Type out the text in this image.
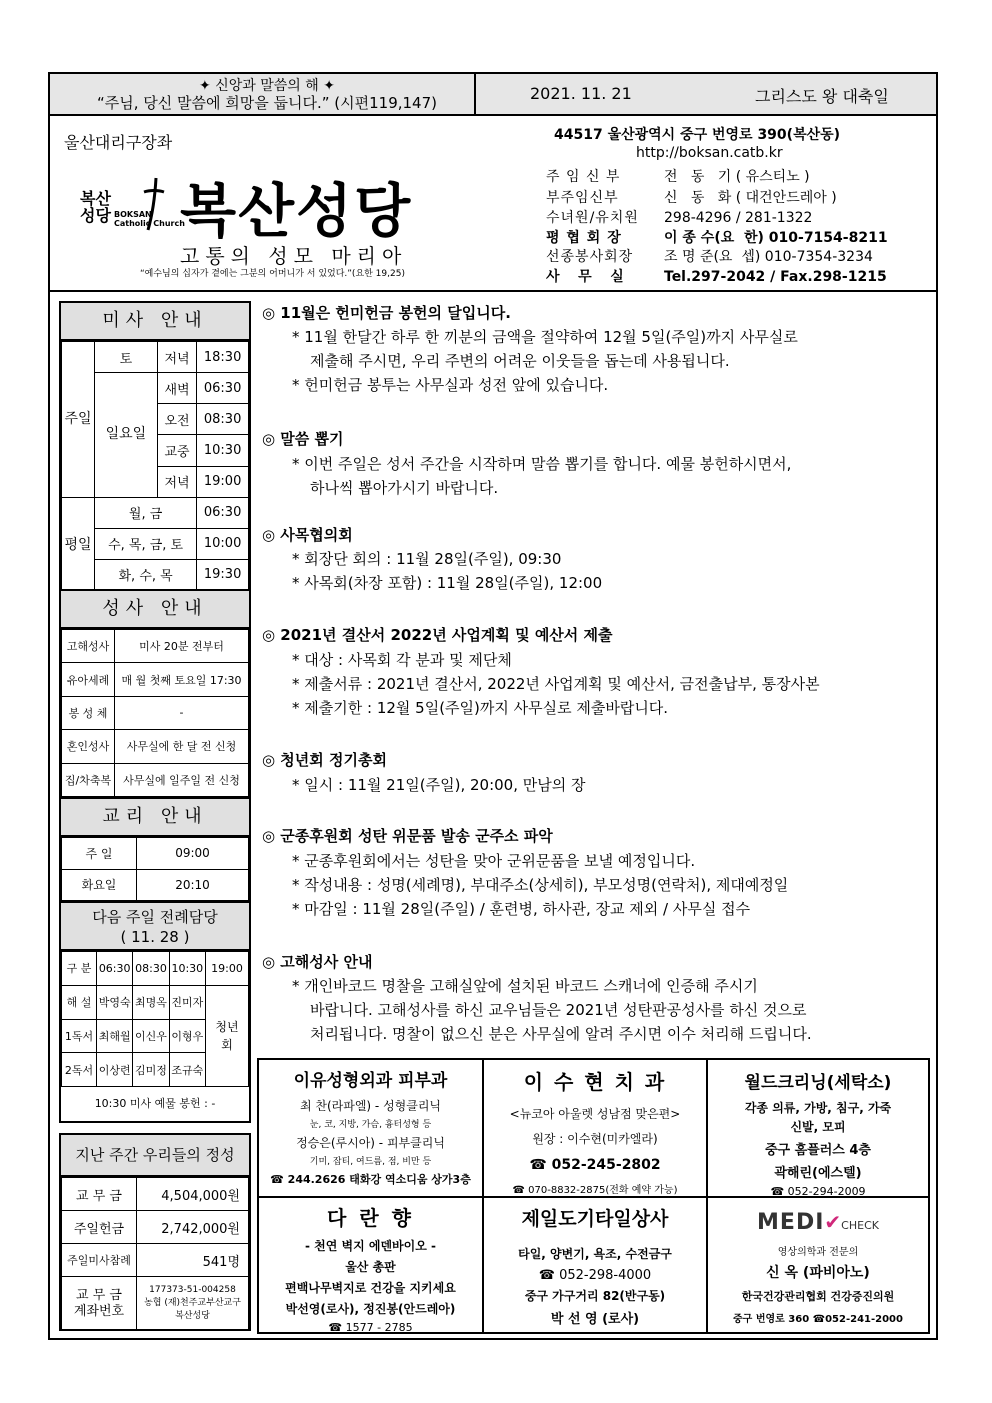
✦ 신앙과 말씀의 해 ✦
“주님, 당신 말씀에 희망을 둡니다.” (시편119,147)	2021. 11. 21	그리스도 왕 대축일
울산대리구장좌
복산
성당 BOKSAN
Catholic Church
복산성당
고통의 성모 마리아
“예수님의 십자가 곁에는 그분의 어머니가 서 있었다.”(요한 19,25)
44517 울산광역시 중구 번영로 390(복산동)
http://boksan.catb.kr
주 임 신 부	전   동   기 ( 유스티노 )
부주임신부	신   동   화 ( 대건안드레아 )
수녀원/유치원 298-4296 / 281-1322
평 협 회 장	이 종 수(요  한) 010-7154-8211
선종봉사회장 조 명 준(요  셉) 010-7354-3234
사   무   실	Tel.297-2042 / Fax.298-1215
미사 안내
주일	토	저녁	18:30
	일요일	새벽	06:30
		오전	08:30
		교중	10:30
		저녁	19:00
평일	월, 금		06:30
	수, 목, 금, 토		10:00
	화, 수, 목		19:30
성사 안내
고해성사	미사 20분 전부터
유아세례	매 월 첫째 토요일 17:30
봉 성 체	-
혼인성사	사무실에 한 달 전 신청
집/차축복	사무실에 일주일 전 신청
교리 안내
주 일	09:00
화요일	20:10
다음 주일 전례담당
( 11. 28 )
구 분	06:30	08:30	10:30	19:00
해 설	박영숙	최명옥	진미자	청년회
1독서	최해월	이신우	이형우	
2독서	이상련	김미정	조규숙	
10:30 미사 예물 봉헌 : -
지난 주간 우리들의 정성
교 무 금	4,504,000원
주일헌금	2,742,000원
주일미사참례	541명
교 무 금 계좌번호	177373-51-004258
농협 (재)천주교부산교구
복산성당
◎ 11월은 헌미헌금 봉헌의 달입니다.
* 11월 한달간 하루 한 끼분의 금액을 절약하여 12월 5일(주일)까지 사무실로
제출해 주시면, 우리 주변의 어려운 이웃들을 돕는데 사용됩니다.
* 헌미헌금 봉투는 사무실과 성전 앞에 있습니다.
◎ 말씀 뽑기
* 이번 주일은 성서 주간을 시작하며 말씀 뽑기를 합니다. 예물 봉헌하시면서,
하나씩 뽑아가시기 바랍니다.
◎ 사목협의회
* 회장단 회의 : 11월 28일(주일), 09:30
* 사목회(차장 포함) : 11월 28일(주일), 12:00
◎ 2021년 결산서 2022년 사업계획 및 예산서 제출
* 대상 : 사목회 각 분과 및 제단체
* 제출서류 : 2021년 결산서, 2022년 사업계획 및 예산서, 금전출납부, 통장사본
* 제출기한 : 12월 5일(주일)까지 사무실로 제출바랍니다.
◎ 청년회 정기총회
* 일시 : 11월 21일(주일), 20:00, 만남의 장
◎ 군종후원회 성탄 위문품 발송 군주소 파악
* 군종후원회에서는 성탄을 맞아 군위문품을 보낼 예정입니다.
* 작성내용 : 성명(세례명), 부대주소(상세히), 부모성명(연락처), 제대예정일
* 마감일 : 11월 28일(주일) / 훈련병, 하사관, 장교 제외 / 사무실 접수
◎ 고해성사 안내
* 개인바코드 명찰을 고해실앞에 설치된 바코드 스캐너에 인증해 주시기
바랍니다. 고해성사를 하신 교우님들은 2021년 성탄판공성사를 하신 것으로
처리됩니다. 명찰이 없으신 분은 사무실에 알려 주시면 이수 처리해 드립니다.
이유성형외과 피부과
최 찬(라파엘) - 성형클리닉
눈, 코, 지방, 가슴, 흉터성형 등
정승은(루시아) - 피부클리닉
기미, 잡티, 여드름, 점, 비만 등
☎ 244.2626 태화강 역소디움 상가3층
이 수 현 치 과
<뉴코아 아울렛 성남점 맞은편>
원장 : 이수현(미카엘라)
☎ 052-245-2802
☎ 070-8832-2875(전화 예약 가능)
월드크리닝(세탁소)
각종 의류, 가방, 침구, 가죽
신발, 모피
중구 홈플러스 4층
곽해린(에스텔)
☎ 052-294-2009
다 란 향
- 천연 벽지 에덴바이오 -
울산 총판
편백나무벽지로 건강을 지키세요
박선영(로사), 정진봉(안드레아)
☎ 1577 - 2785
제일도기타일상사
타일, 양변기, 욕조, 수전금구
☎ 052-298-4000
중구 가구거리 82(반구동)
박 선 영 (로사)
MEDI✔CHECK
영상의학과 전문의
신 옥 (파비아노)
한국건강관리협회 건강증진의원
중구 번영로 360 ☎052-241-2000
